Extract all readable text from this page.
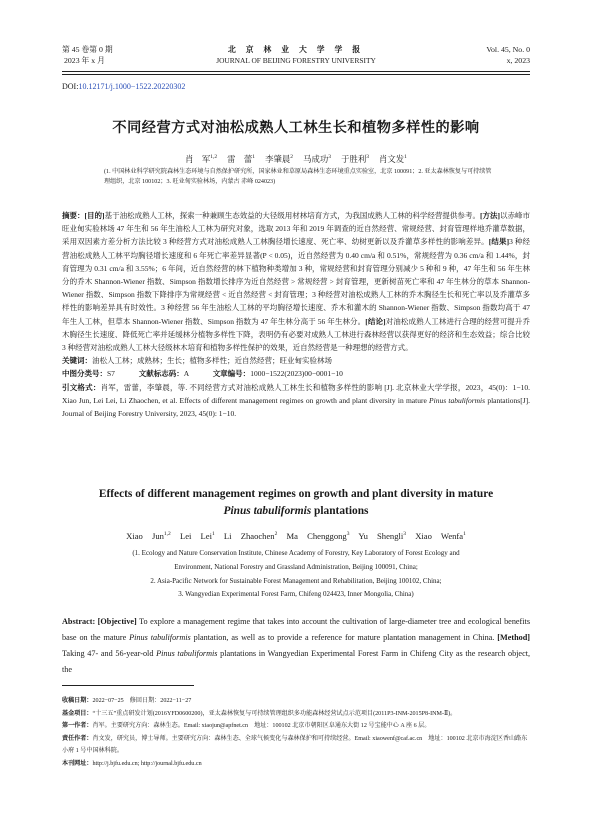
第 45 卷第 0 期
2023 年 x 月
北 京 林 业 大 学 学 报
JOURNAL OF BEIJING FORESTRY UNIVERSITY
Vol. 45, No. 0
x, 2023
DOI:10.12171/j.1000−1522.20220302
不同经营方式对油松成熟人工林生长和植物多样性的影响
肖　军$^{1,2}$ 雷　蕾$^1$ 李肇晨$^2$ 马成功$^3$ 于胜利$^3$ 肖文发$^1$
(1. 中国林业科学研究院森林生态环境与自然保护研究所，国家林业和草原局森林生态环境重点实验室，北京 100091；2. 亚太森林恢复与可持续管理组织，北京 100102；3. 旺业甸实验林场，内蒙古 赤峰 024023)
摘要：[目的]基于油松成熟人工林，探索一种兼顾生态效益的大径级用材林培育方式，为我国成熟人工林的科学经营提供参考。[方法]以赤峰市旺业甸实验林场 47 年生和 56 年生油松人工林为研究对象，选取 2013 年和 2019 年调查的近自然经营、常规经营、封育管理样地乔灌草数据，采用双因素方差分析方法比较 3 种经营方式对油松成熟人工林胸径增长速度、死亡率、幼树更新以及乔灌草多样性的影响差异。[结果]3 种经营油松成熟人工林平均胸径增长速度和 6 年死亡率差异显著(P < 0.05)，近自然经营为 0.40 cm/a 和 0.51%，常规经营为 0.36 cm/a 和 1.44%，封育管理为 0.31 cm/a 和 3.55%；6 年间，近自然经营的林下植物种类增加 3 种，常规经营和封育管理分别减少 5 种和 9 种，47 年生和 56 年生林分的乔木 Shannon-Wiener 指数、Simpson 指数增长排序为近自然经营 > 常规经营 > 封育管理，更新树苗死亡率和 47 年生林分的草本 Shannon-Wiener 指数、Simpson 指数下降排序为常规经营 < 近自然经营 < 封育管理；3 种经营对油松成熟人工林的乔木胸径生长和死亡率以及乔灌草多样性的影响差异具有时效性。3 种经营 56 年生油松人工林的平均胸径增长速度、乔木和灌木的 Shannon-Wiener 指数、Simpson 指数均高于 47 年生人工林，但草本 Shannon-Wiener 指数、Simpson 指数为 47 年生林分高于 56 年生林分。[结论]对油松成熟人工林进行合理的经营可提升乔木胸径生长速度、降低死亡率并延缓林分植物多样性下降，表明仍有必要对成熟人工林进行森林经营以获得更好的经济和生态效益；综合比较 3 种经营对油松成熟人工林大径级林木培育和植物多样性保护的效果，近自然经营是一种理想的经营方式。
关键词：油松人工林；成熟林；生长；植物多样性；近自然经营；旺业甸实验林场
中图分类号：S7	文献标志码：A	文章编号：1000−1522(2023)00−0001−10
引文格式：肖军，雷蕾，李肇晨，等. 不同经营方式对油松成熟人工林生长和植物多样性的影响 [J]. 北京林业大学学报，2023，45(0)：1−10. Xiao Jun, Lei Lei, Li Zhaochen, et al. Effects of different management regimes on growth and plant diversity in mature Pinus tabuliformis plantations[J]. Journal of Beijing Forestry University, 2023, 45(0): 1−10.
Effects of different management regimes on growth and plant diversity in mature
Pinus tabuliformis plantations
Xiao Jun$^{1,2}$ Lei Lei$^1$ Li Zhaochen$^2$ Ma Chenggong$^3$ Yu Shengli$^3$ Xiao Wenfa$^1$
(1. Ecology and Nature Conservation Institute, Chinese Academy of Forestry, Key Laboratory of Forest Ecology and
Environment, National Forestry and Grassland Administration, Beijing 100091, China;
2. Asia-Pacific Network for Sustainable Forest Management and Rehabilitation, Beijing 100102, China;
3. Wangyedian Experimental Forest Farm, Chifeng 024423, Inner Mongolia, China)
Abstract: [Objective] To explore a management regime that takes into account the cultivation of large-diameter tree and ecological benefits base on the mature Pinus tabuliformis plantation, as well as to provide a reference for mature plantation management in China. [Method] Taking 47- and 56-year-old Pinus tabuliformis plantations in Wangyedian Experimental Forest Farm in Chifeng City as the research object, the
收稿日期：2022−07−25　修回日期：2022−11−27
基金项目：“十三五”重点研发计划(2016YFD0600200)，亚太森林恢复与可持续管理组织多功能森林经营试点示范项目(2011P3-INM-2015P8-INM-Ⅱ)。
第一作者：肖军。主要研究方向：森林生态。Email: xiaojun@apfnet.cn　地址：100102 北京市朝阳区阜通东大街 12 号宝能中心 A 座 6 层。
责任作者：肖文发，研究员，博士导师。主要研究方向：森林生态、全球气候变化与森林保护和可持续经营。Email: xiaowenf@caf.ac.cn　地址：100102 北京市海淀区香山路东小府 1 号中国林科院。
本刊网址：http://j.bjfu.edu.cn; http://journal.bjfu.edu.cn
